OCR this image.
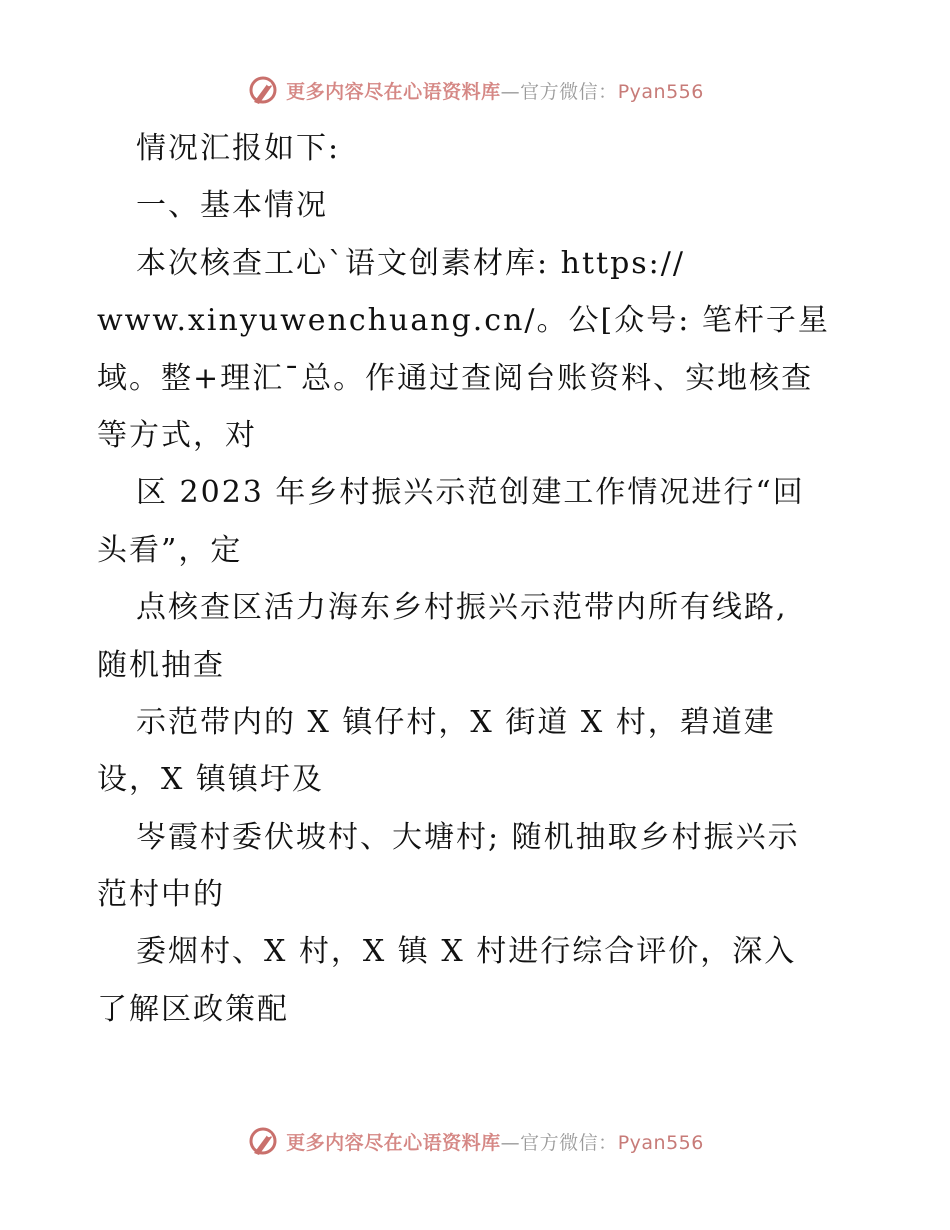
更多内容尽在心语资料库—官方微信：Pyan556
情况汇报如下:
一、基本情况
本次核查工心`语文创素材库: https://
www.xinyuwenchuang.cn/。公[众号: 笔杆子星
域。整+理汇¯总。作通过查阅台账资料、实地核查
等方式，对
区 2023 年乡村振兴示范创建工作情况进行“回
头看”，定
点核查区活力海东乡村振兴示范带内所有线路,
随机抽查
示范带内的 X 镇仔村，X 街道 X 村，碧道建
设，X 镇镇圩及
岑霞村委伏坡村、大塘村; 随机抽取乡村振兴示
范村中的
委烟村、X 村，X 镇 X 村进行综合评价，深入
了解区政策配
更多内容尽在心语资料库—官方微信：Pyan556
